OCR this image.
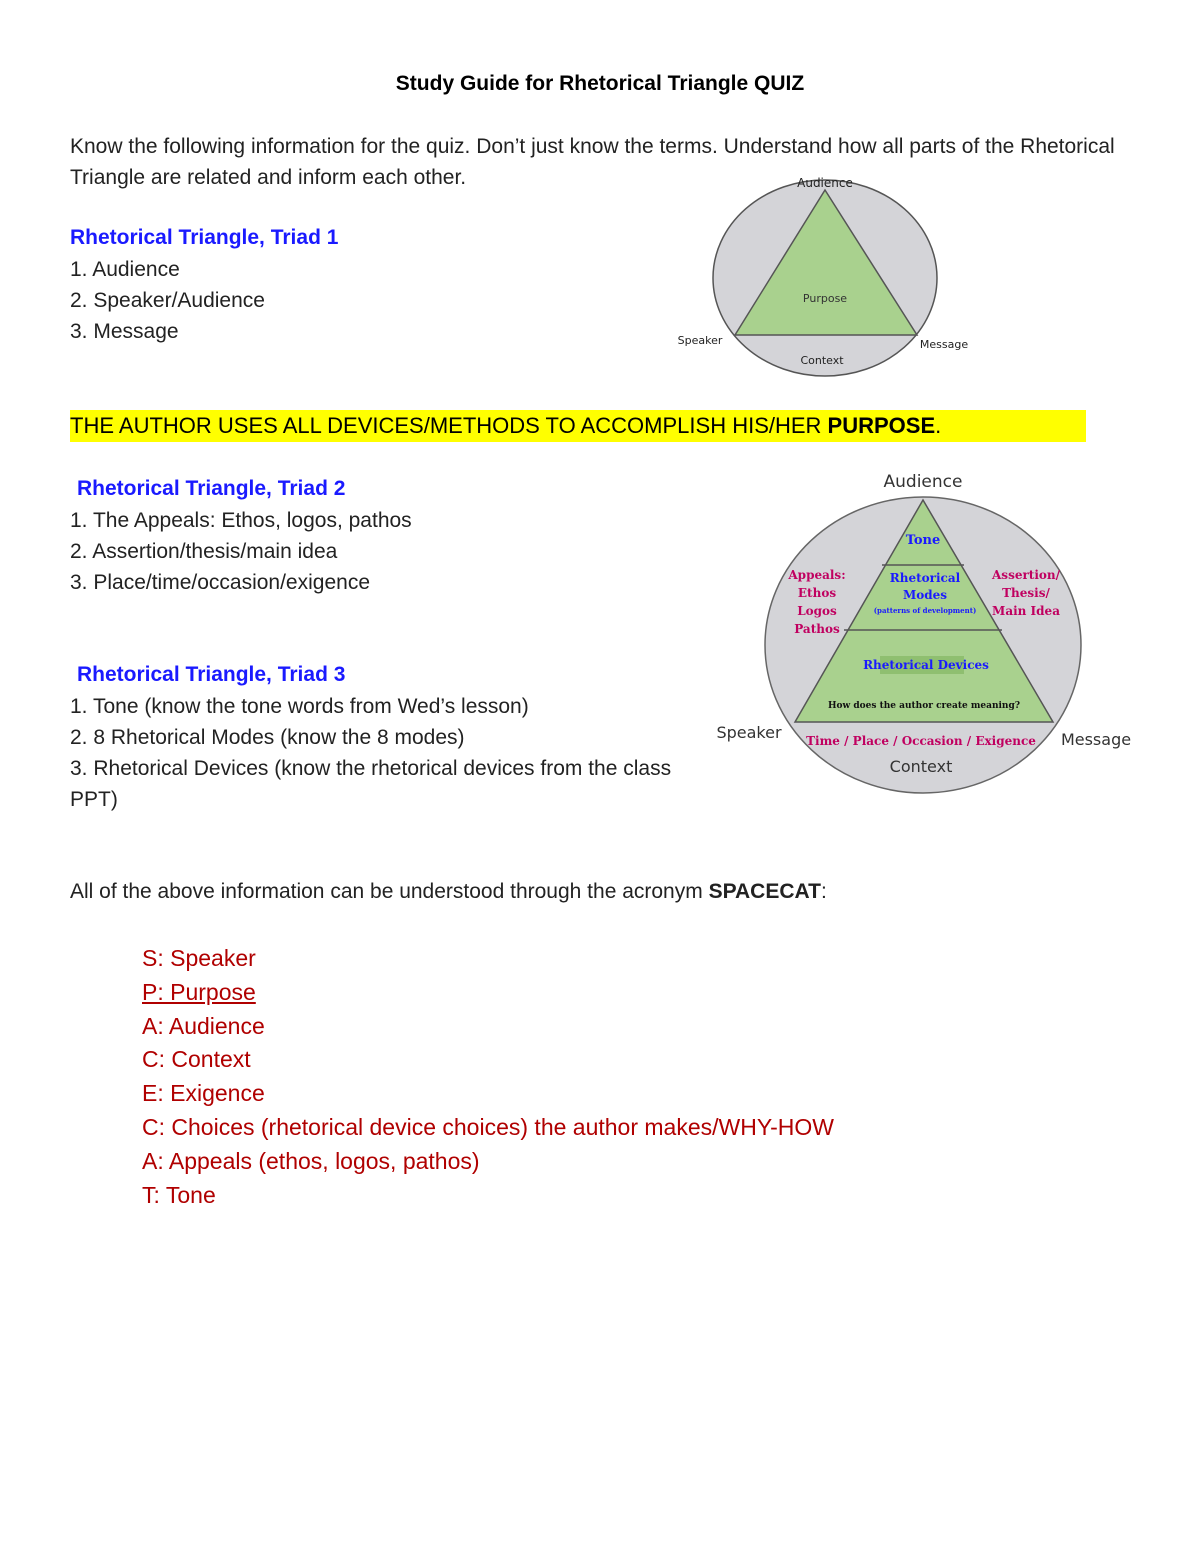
Study Guide for Rhetorical Triangle QUIZ
Know the following information for the quiz. Don’t just know the terms. Understand how all parts of the Rhetorical Triangle are related and inform each other.
Rhetorical Triangle, Triad 1
1. Audience
2. Speaker/Audience
3. Message
Audience
Purpose
Speaker	Message
Context
THE AUTHOR USES ALL DEVICES/METHODS TO ACCOMPLISH HIS/HER PURPOSE.
Rhetorical Triangle, Triad 2
1. The Appeals: Ethos, logos, pathos
2. Assertion/thesis/main idea
3. Place/time/occasion/exigence
Rhetorical Triangle, Triad 3
1. Tone (know the tone words from Wed’s lesson)
2. 8 Rhetorical Modes (know the 8 modes)
3. Rhetorical Devices (know the rhetorical devices from the class PPT)
Audience
Tone
Rhetorical
Modes
(patterns of development)
Appeals:
Ethos
Logos
Pathos
Assertion/
Thesis/
Main Idea
Rhetorical Devices
How does the author create meaning?
Time / Place / Occasion / Exigence
Speaker	Message
Context
All of the above information can be understood through the acronym SPACECAT:
S: Speaker
P: Purpose
A: Audience
C: Context
E: Exigence
C: Choices (rhetorical device choices) the author makes/WHY-HOW
A: Appeals (ethos, logos, pathos)
T: Tone
